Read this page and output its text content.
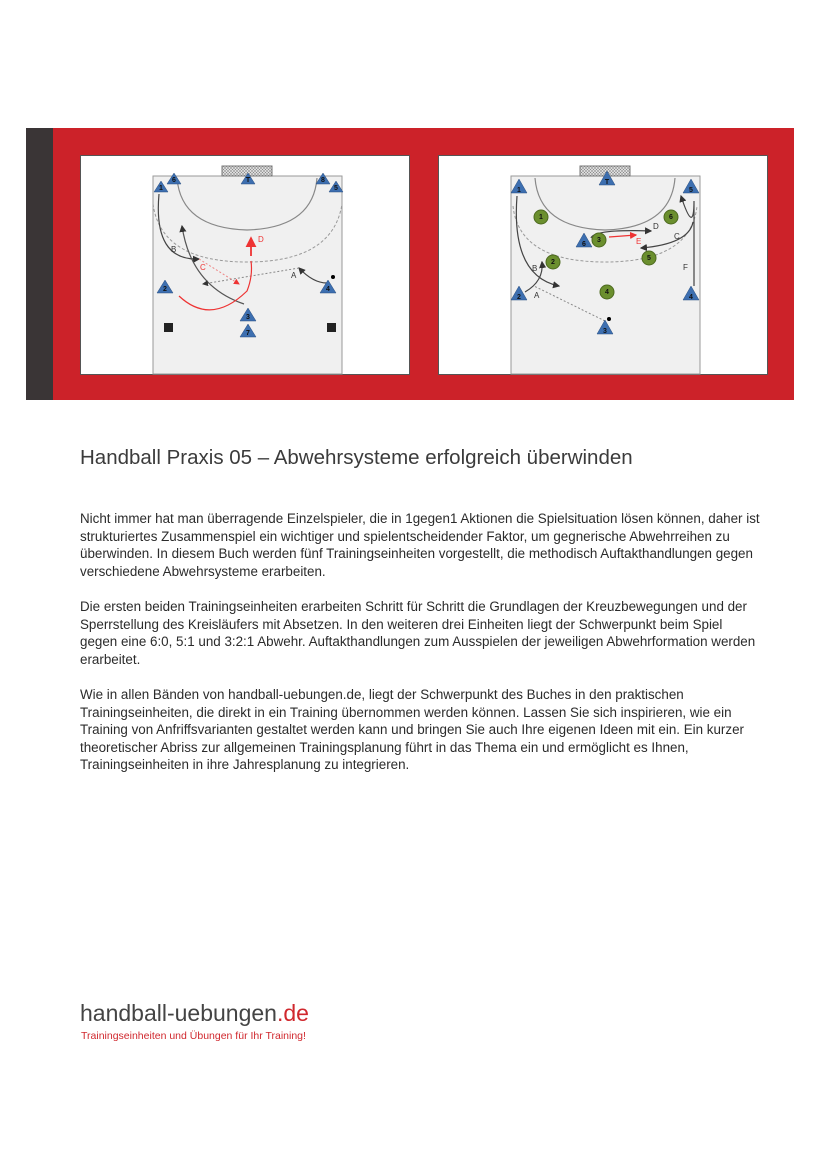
1
6	T	8
5
2	4
3
7
B
C
D
A
1
T
5
6
2	4
3
1	6
3
2
5
4
D
E
C
B
A
F
Handball Praxis 05 – Abwehrsysteme erfolgreich überwinden

Nicht immer hat man überragende Einzelspieler, die in 1gegen1 Aktionen die Spielsituation lösen können, daher ist strukturiertes Zusammenspiel ein wichtiger und spielentscheidender Faktor, um gegnerische Abwehrreihen zu überwinden. In diesem Buch werden fünf Trainingseinheiten vorgestellt, die methodisch Auftakthandlungen gegen verschiedene Abwehrsysteme erarbeiten.

Die ersten beiden Trainingseinheiten erarbeiten Schritt für Schritt die Grundlagen der Kreuzbewegungen und der Sperrstellung des Kreisläufers mit Absetzen. In den weiteren drei Einheiten liegt der Schwerpunkt beim Spiel gegen eine 6:0, 5:1 und 3:2:1 Abwehr. Auftakthandlungen zum Ausspielen der jeweiligen Abwehrformation werden erarbeitet.

Wie in allen Bänden von handball-uebungen.de, liegt der Schwerpunkt des Buches in den praktischen Trainingseinheiten, die direkt in ein Training übernommen werden können. Lassen Sie sich inspirieren, wie ein Training von Anfriffsvarianten gestaltet werden kann und bringen Sie auch Ihre eigenen Ideen mit ein. Ein kurzer theoretischer Abriss zur allgemeinen Trainingsplanung führt in das Thema ein und ermöglicht es Ihnen, Trainingseinheiten in ihre Jahresplanung zu integrieren.

handball-uebungen.de
Trainingseinheiten und Übungen für Ihr Training!
